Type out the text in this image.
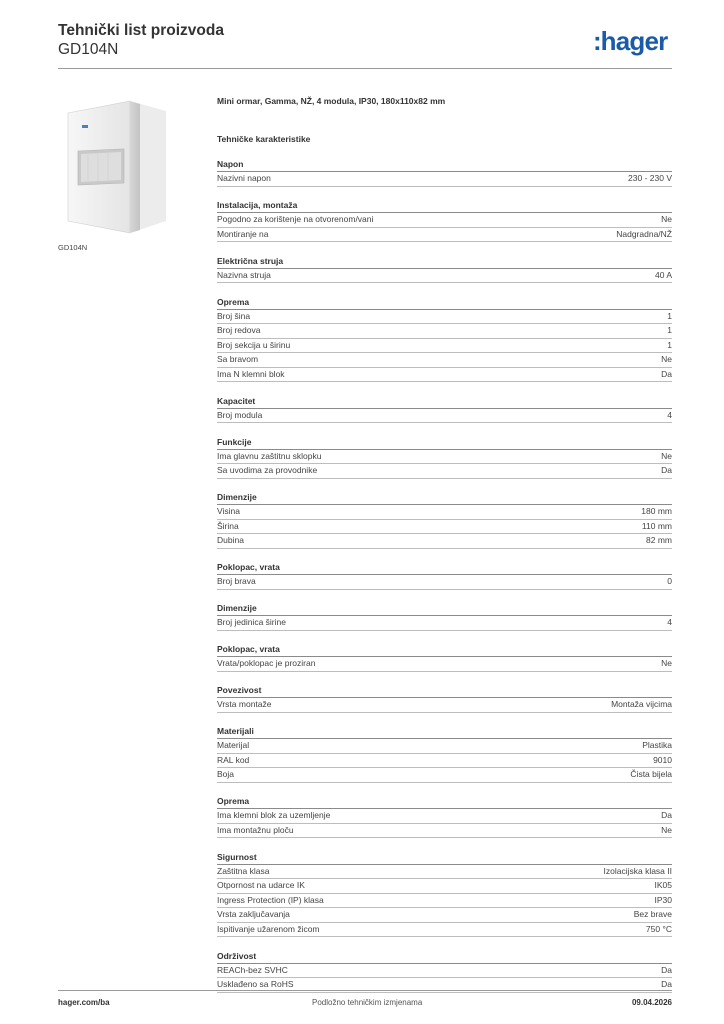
Tehnički list proizvoda
GD104N	:hager
GD104N
Mini ormar, Gamma, NŽ, 4 modula, IP30, 180x110x82 mm
Tehničke karakteristike
Napon
Nazivni napon	230 - 230 V
Instalacija, montaža
Pogodno za korištenje na otvorenom/vani	Ne
Montiranje na	Nadgradna/NŽ
Električna struja
Nazivna struja	40 A
Oprema
Broj šina	1
Broj redova	1
Broj sekcija u širinu	1
Sa bravom	Ne
Ima N klemni blok	Da
Kapacitet
Broj modula	4
Funkcije
Ima glavnu zaštitnu sklopku	Ne
Sa uvodima za provodnike	Da
Dimenzije
Visina	180 mm
Širina	110 mm
Dubina	82 mm
Poklopac, vrata
Broj brava	0
Dimenzije
Broj jedinica širine	4
Poklopac, vrata
Vrata/poklopac je proziran	Ne
Povezivost
Vrsta montaže	Montaža vijcima
Materijali
Materijal	Plastika
RAL kod	9010
Boja	Čista bijela
Oprema
Ima klemni blok za uzemljenje	Da
Ima montažnu ploču	Ne
Sigurnost
Zaštitna klasa	Izolacijska klasa II
Otpornost na udarce IK	IK05
Ingress Protection (IP) klasa	IP30
Vrsta zaključavanja	Bez brave
Ispitivanje užarenom žicom	750 °C
Održivost
REACh-bez SVHC	Da
Usklađeno sa RoHS	Da
hager.com/ba	Podložno tehničkim izmjenama	09.04.2026
